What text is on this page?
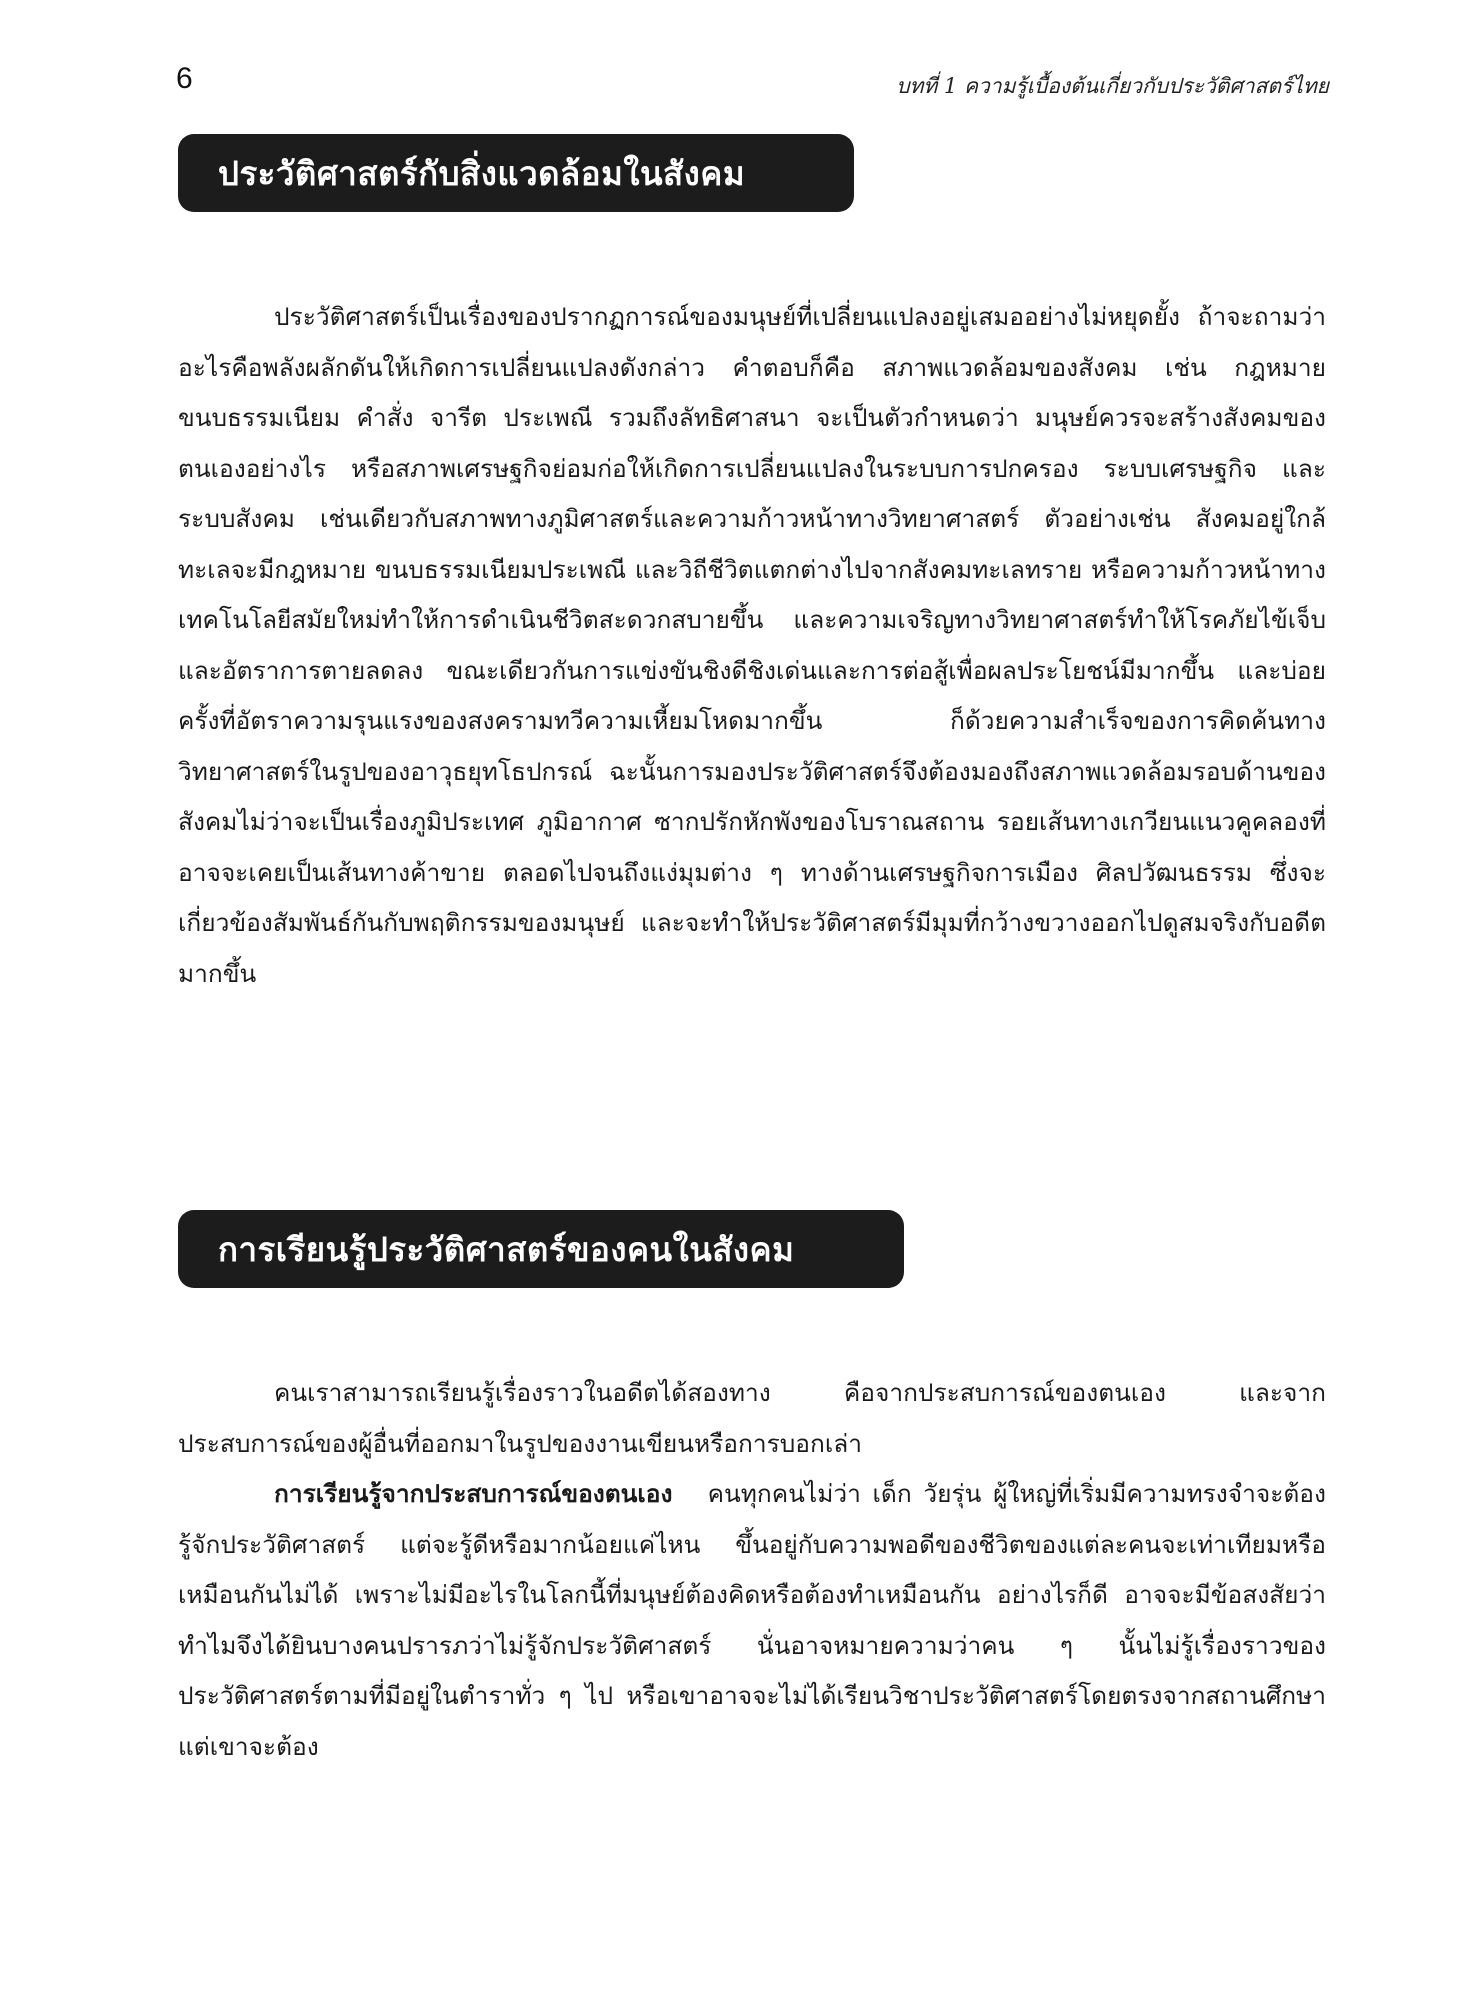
6	บทที่ 1 ความรู้เบื้องต้นเกี่ยวกับประวัติศาสตร์ไทย
ประวัติศาสตร์กับสิ่งแวดล้อมในสังคม

ประวัติศาสตร์เป็นเรื่องของปรากฏการณ์ของมนุษย์ที่เปลี่ยนแปลงอยู่เสมออย่างไม่หยุดยั้ง ถ้าจะถามว่าอะไรคือพลังผลักดันให้เกิดการเปลี่ยนแปลงดังกล่าว คำตอบก็คือ สภาพแวดล้อมของสังคม เช่น กฎหมาย ขนบธรรมเนียม คำสั่ง จารีต ประเพณี รวมถึงลัทธิศาสนา จะเป็นตัวกำหนดว่า มนุษย์ควรจะสร้างสังคมของตนเองอย่างไร หรือสภาพเศรษฐกิจย่อมก่อให้เกิดการเปลี่ยนแปลงในระบบการปกครอง ระบบเศรษฐกิจ และระบบสังคม เช่นเดียวกับสภาพทางภูมิศาสตร์และความก้าวหน้าทางวิทยาศาสตร์ ตัวอย่างเช่น สังคมอยู่ใกล้ทะเลจะมีกฎหมาย ขนบธรรมเนียมประเพณี และวิถีชีวิตแตกต่างไปจากสังคมทะเลทราย หรือความก้าวหน้าทางเทคโนโลยีสมัยใหม่ทำให้การดำเนินชีวิตสะดวกสบายขึ้น และความเจริญทางวิทยาศาสตร์ทำให้โรคภัยไข้เจ็บและอัตราการตายลดลง ขณะเดียวกันการแข่งขันชิงดีชิงเด่นและการต่อสู้เพื่อผลประโยชน์มีมากขึ้น และบ่อยครั้งที่อัตราความรุนแรงของสงครามทวีความเหี้ยมโหดมากขึ้น ก็ด้วยความสำเร็จของการคิดค้นทางวิทยาศาสตร์ในรูปของอาวุธยุทโธปกรณ์ ฉะนั้นการมองประวัติศาสตร์จึงต้องมองถึงสภาพแวดล้อมรอบด้านของสังคมไม่ว่าจะเป็นเรื่องภูมิประเทศ ภูมิอากาศ ซากปรักหักพังของโบราณสถาน รอยเส้นทางเกวียนแนวคูคลองที่อาจจะเคยเป็นเส้นทางค้าขาย ตลอดไปจนถึงแง่มุมต่าง ๆ ทางด้านเศรษฐกิจการเมือง ศิลปวัฒนธรรม ซึ่งจะเกี่ยวข้องสัมพันธ์กันกับพฤติกรรมของมนุษย์ และจะทำให้ประวัติศาสตร์มีมุมที่กว้างขวางออกไปดูสมจริงกับอดีตมากขึ้น

การเรียนรู้ประวัติศาสตร์ของคนในสังคม

คนเราสามารถเรียนรู้เรื่องราวในอดีตได้สองทาง คือจากประสบการณ์ของตนเอง และจากประสบการณ์ของผู้อื่นที่ออกมาในรูปของงานเขียนหรือการบอกเล่า

การเรียนรู้จากประสบการณ์ของตนเอง คนทุกคนไม่ว่า เด็ก วัยรุ่น ผู้ใหญ่ที่เริ่มมีความทรงจำจะต้องรู้จักประวัติศาสตร์ แต่จะรู้ดีหรือมากน้อยแค่ไหน ขึ้นอยู่กับความพอดีของชีวิตของแต่ละคนจะเท่าเทียมหรือเหมือนกันไม่ได้ เพราะไม่มีอะไรในโลกนี้ที่มนุษย์ต้องคิดหรือต้องทำเหมือนกัน อย่างไรก็ดี อาจจะมีข้อสงสัยว่าทำไมจึงได้ยินบางคนปรารภว่าไม่รู้จักประวัติศาสตร์ นั่นอาจหมายความว่าคน ๆ นั้นไม่รู้เรื่องราวของประวัติศาสตร์ตามที่มีอยู่ในตำราทั่ว ๆ ไป หรือเขาอาจจะไม่ได้เรียนวิชาประวัติศาสตร์โดยตรงจากสถานศึกษาแต่เขาจะต้อง
